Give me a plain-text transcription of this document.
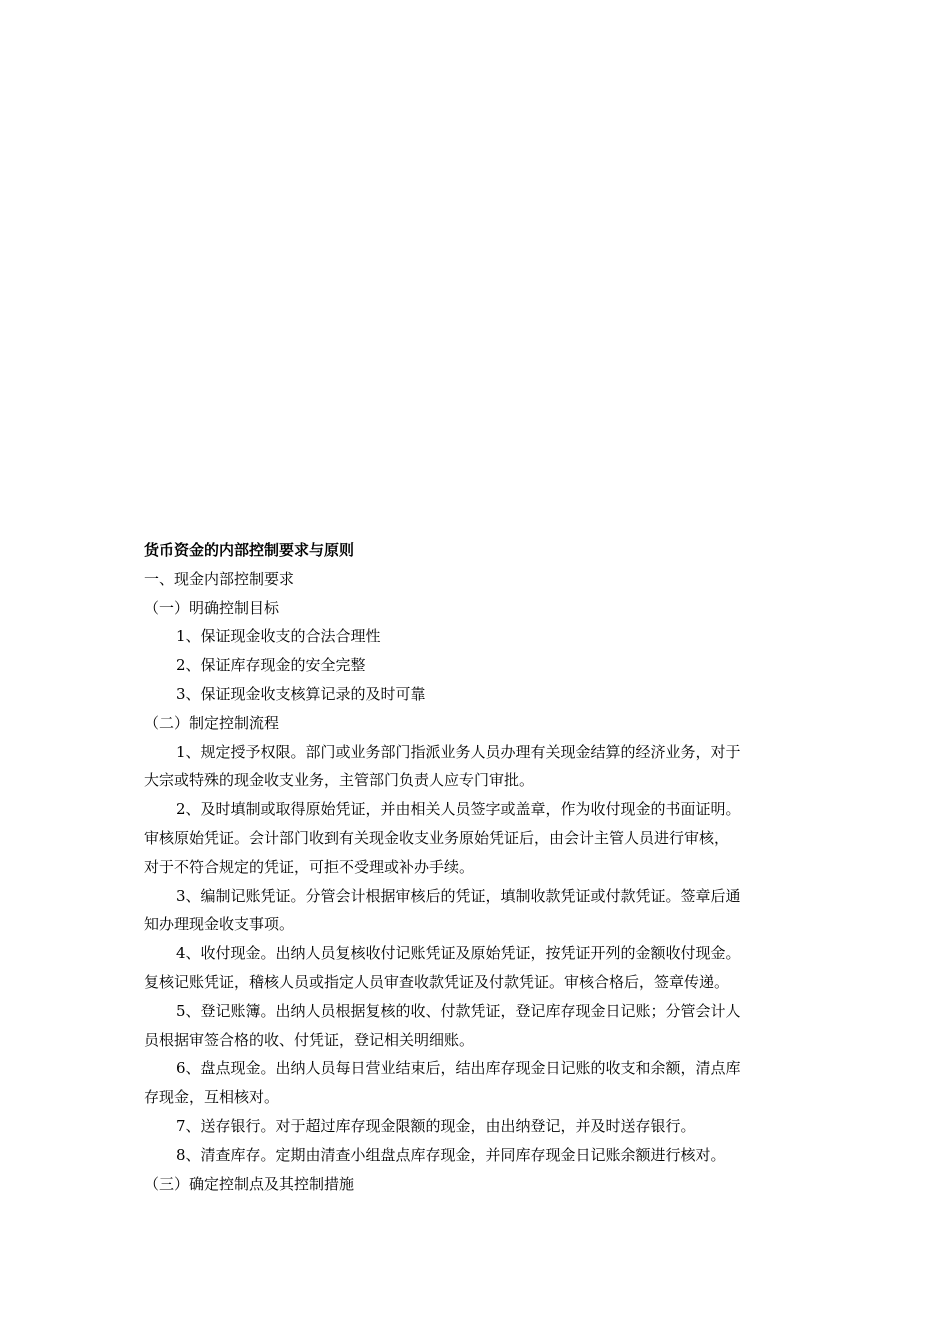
货币资金的内部控制要求与原则

一、现金内部控制要求

（一）明确控制目标

1、保证现金收支的合法合理性

2、保证库存现金的安全完整

3、保证现金收支核算记录的及时可靠

（二）制定控制流程

1、规定授予权限。部门或业务部门指派业务人员办理有关现金结算的经济业务，对于

大宗或特殊的现金收支业务，主管部门负责人应专门审批。

2、及时填制或取得原始凭证，并由相关人员签字或盖章，作为收付现金的书面证明。

审核原始凭证。会计部门收到有关现金收支业务原始凭证后，由会计主管人员进行审核，

对于不符合规定的凭证，可拒不受理或补办手续。

3、编制记账凭证。分管会计根据审核后的凭证，填制收款凭证或付款凭证。签章后通

知办理现金收支事项。

4、收付现金。出纳人员复核收付记账凭证及原始凭证，按凭证开列的金额收付现金。

复核记账凭证，稽核人员或指定人员审查收款凭证及付款凭证。审核合格后，签章传递。

5、登记账簿。出纳人员根据复核的收、付款凭证，登记库存现金日记账；分管会计人

员根据审签合格的收、付凭证，登记相关明细账。

6、盘点现金。出纳人员每日营业结束后，结出库存现金日记账的收支和余额，清点库

存现金，互相核对。

7、送存银行。对于超过库存现金限额的现金，由出纳登记，并及时送存银行。

8、清查库存。定期由清查小组盘点库存现金，并同库存现金日记账余额进行核对。

（三）确定控制点及其控制措施
